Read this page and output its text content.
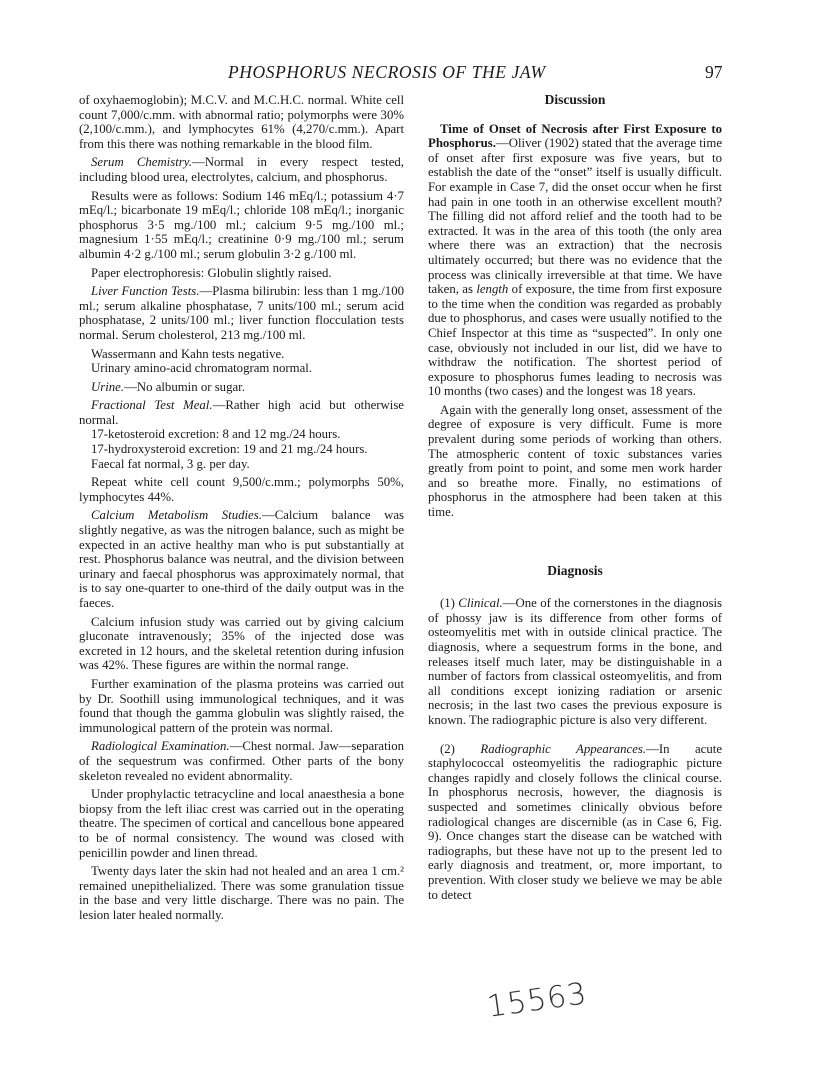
PHOSPHORUS NECROSIS OF THE JAW	97

of oxyhaemoglobin); M.C.V. and M.C.H.C. normal. White cell count 7,000/c.mm. with abnormal ratio; polymorphs were 30% (2,100/c.mm.), and lymphocytes 61% (4,270/c.mm.). Apart from this there was nothing remarkable in the blood film.

Serum Chemistry.—Normal in every respect tested, including blood urea, electrolytes, calcium, and phosphorus.

Results were as follows: Sodium 146 mEq/l.; potassium 4·7 mEq/l.; bicarbonate 19 mEq/l.; chloride 108 mEq/l.; inorganic phosphorus 3·5 mg./100 ml.; calcium 9·5 mg./100 ml.; magnesium 1·55 mEq/l.; creatinine 0·9 mg./100 ml.; serum albumin 4·2 g./100 ml.; serum globulin 3·2 g./100 ml.

Paper electrophoresis: Globulin slightly raised.

Liver Function Tests.—Plasma bilirubin: less than 1 mg./100 ml.; serum alkaline phosphatase, 7 units/100 ml.; serum acid phosphatase, 2 units/100 ml.; liver function flocculation tests normal. Serum cholesterol, 213 mg./100 ml.

Wassermann and Kahn tests negative.

Urinary amino-acid chromatogram normal.

Urine.—No albumin or sugar.

Fractional Test Meal.—Rather high acid but otherwise normal.

17-ketosteroid excretion: 8 and 12 mg./24 hours.

17-hydroxysteroid excretion: 19 and 21 mg./24 hours.

Faecal fat normal, 3 g. per day.

Repeat white cell count 9,500/c.mm.; polymorphs 50%, lymphocytes 44%.

Calcium Metabolism Studies.—Calcium balance was slightly negative, as was the nitrogen balance, such as might be expected in an active healthy man who is put substantially at rest. Phosphorus balance was neutral, and the division between urinary and faecal phosphorus was approximately normal, that is to say one-quarter to one-third of the daily output was in the faeces.

Calcium infusion study was carried out by giving calcium gluconate intravenously; 35% of the injected dose was excreted in 12 hours, and the skeletal retention during infusion was 42%. These figures are within the normal range.

Further examination of the plasma proteins was carried out by Dr. Soothill using immunological techniques, and it was found that though the gamma globulin was slightly raised, the immunological pattern of the protein was normal.

Radiological Examination.—Chest normal. Jaw—separation of the sequestrum was confirmed. Other parts of the bony skeleton revealed no evident abnormality.

Under prophylactic tetracycline and local anaesthesia a bone biopsy from the left iliac crest was carried out in the operating theatre. The specimen of cortical and cancellous bone appeared to be of normal consistency. The wound was closed with penicillin powder and linen thread.

Twenty days later the skin had not healed and an area 1 cm.² remained unepithelialized. There was some granulation tissue in the base and very little discharge. There was no pain. The lesion later healed normally.

Discussion

Time of Onset of Necrosis after First Exposure to Phosphorus.—Oliver (1902) stated that the average time of onset after first exposure was five years, but to establish the date of the “onset” itself is usually difficult. For example in Case 7, did the onset occur when he first had pain in one tooth in an otherwise excellent mouth? The filling did not afford relief and the tooth had to be extracted. It was in the area of this tooth (the only area where there was an extraction) that the necrosis ultimately occurred; but there was no evidence that the process was clinically irreversible at that time. We have taken, as length of exposure, the time from first exposure to the time when the condition was regarded as probably due to phosphorus, and cases were usually notified to the Chief Inspector at this time as “suspected”. In only one case, obviously not included in our list, did we have to withdraw the notification. The shortest period of exposure to phosphorus fumes leading to necrosis was 10 months (two cases) and the longest was 18 years.

Again with the generally long onset, assessment of the degree of exposure is very difficult. Fume is more prevalent during some periods of working than others. The atmospheric content of toxic substances varies greatly from point to point, and some men work harder and so breathe more. Finally, no estimations of phosphorus in the atmosphere had been taken at this time.

Diagnosis

(1) Clinical.—One of the cornerstones in the diagnosis of phossy jaw is its difference from other forms of osteomyelitis met with in outside clinical practice. The diagnosis, where a sequestrum forms in the bone, and releases itself much later, may be distinguishable in a number of factors from classical osteomyelitis, and from all conditions except ionizing radiation or arsenic necrosis; in the last two cases the previous exposure is known. The radiographic picture is also very different.

(2) Radiographic Appearances.—In acute staphylococcal osteomyelitis the radiographic picture changes rapidly and closely follows the clinical course. In phosphorus necrosis, however, the diagnosis is suspected and sometimes clinically obvious before radiological changes are discernible (as in Case 6, Fig. 9). Once changes start the disease can be watched with radiographs, but these have not up to the present led to early diagnosis and treatment, or, more important, to prevention. With closer study we believe we may be able to detect

15563
